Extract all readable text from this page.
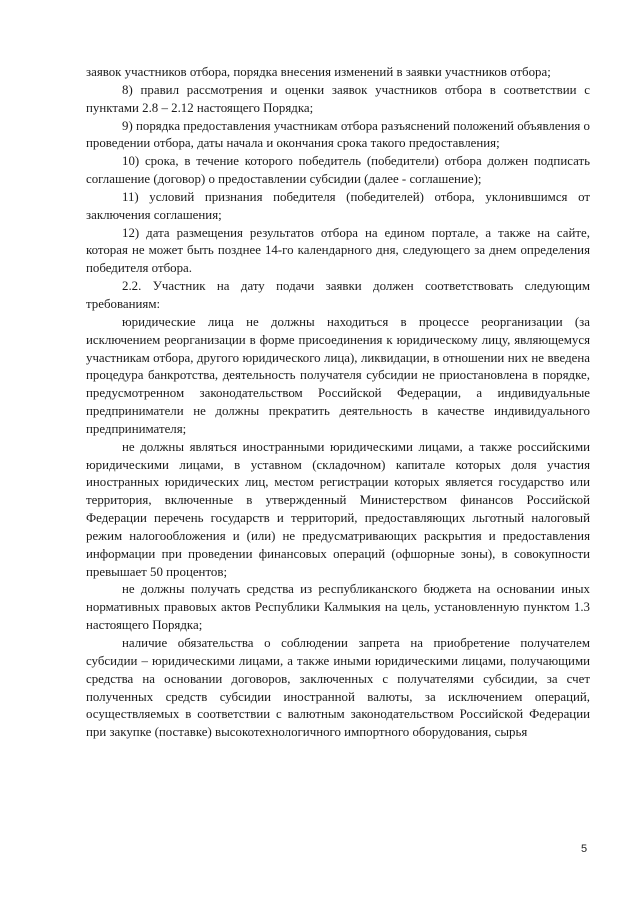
заявок участников отбора, порядка внесения изменений в заявки участников отбора;

8) правил рассмотрения и оценки заявок участников отбора в соответствии с пунктами 2.8 – 2.12 настоящего Порядка;

9) порядка предоставления участникам отбора разъяснений положений объявления о проведении отбора, даты начала и окончания срока такого предоставления;

10) срока, в течение которого победитель (победители) отбора должен подписать соглашение (договор) о предоставлении субсидии (далее - соглашение);

11) условий признания победителя (победителей) отбора, уклонившимся от заключения соглашения;

12) дата размещения результатов отбора на едином портале, а также на сайте, которая не может быть позднее 14-го календарного дня, следующего за днем определения победителя отбора.

2.2. Участник на дату подачи заявки должен соответствовать следующим требованиям:

юридические лица не должны находиться в процессе реорганизации (за исключением реорганизации в форме присоединения к юридическому лицу, являющемуся участникам отбора, другого юридического лица), ликвидации, в отношении них не введена процедура банкротства, деятельность получателя субсидии не приостановлена в порядке, предусмотренном законодательством Российской Федерации, а индивидуальные предприниматели не должны прекратить деятельность в качестве индивидуального предпринимателя;

не должны являться иностранными юридическими лицами, а также российскими юридическими лицами, в уставном (складочном) капитале которых доля участия иностранных юридических лиц, местом регистрации которых является государство или территория, включенные в утвержденный Министерством финансов Российской Федерации перечень государств и территорий, предоставляющих льготный налоговый режим налогообложения и (или) не предусматривающих раскрытия и предоставления информации при проведении финансовых операций (офшорные зоны), в совокупности превышает 50 процентов;

не должны получать средства из республиканского бюджета на основании иных нормативных правовых актов Республики Калмыкия на цель, установленную пунктом 1.3 настоящего Порядка;

наличие обязательства о соблюдении запрета на приобретение получателем субсидии – юридическими лицами, а также иными юридическими лицами, получающими средства на основании договоров, заключенных с получателями субсидии, за счет полученных средств субсидии иностранной валюты, за исключением операций, осуществляемых в соответствии с валютным законодательством Российской Федерации при закупке (поставке) высокотехнологичного импортного оборудования, сырья

5
